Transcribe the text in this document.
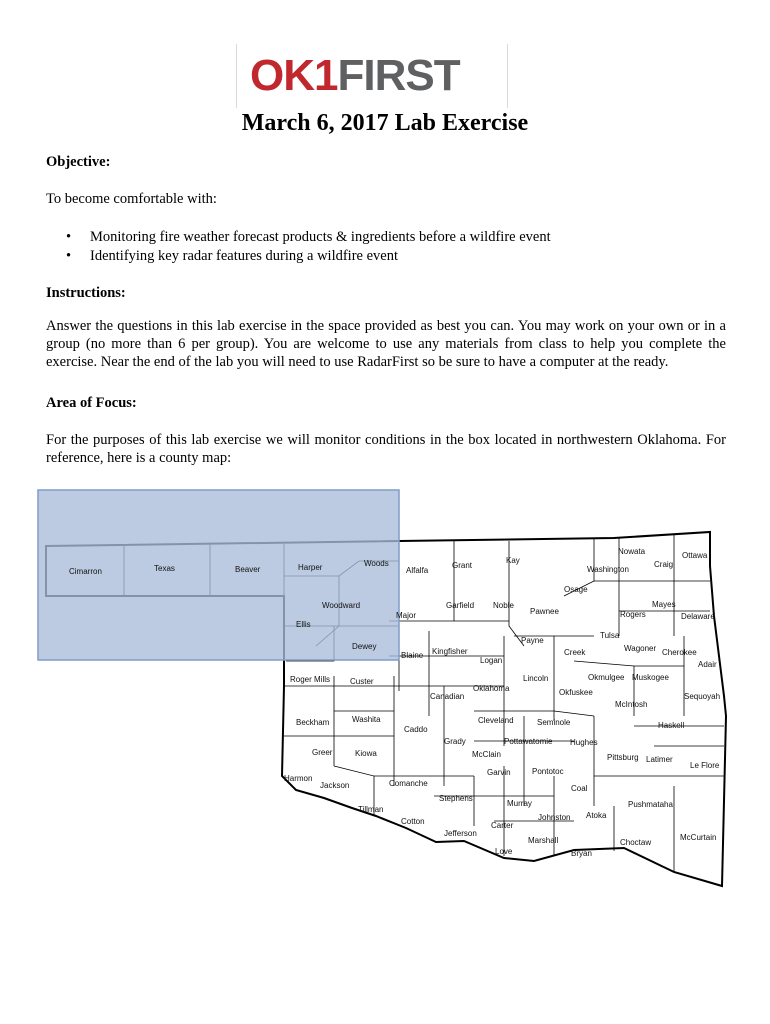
OK 1 FIRST
March 6, 2017 Lab Exercise

Objective:

To become comfortable with:

• Monitoring fire weather forecast products & ingredients before a wildfire event
• Identifying key radar features during a wildfire event

Instructions:

Answer the questions in this lab exercise in the space provided as best you can. You may work on your own or in a group (no more than 6 per group). You are welcome to use any materials from class to help you complete the exercise. Near the end of the lab you will need to use RadarFirst so be sure to have a computer at the ready.

Area of Focus:

For the purposes of this lab exercise we will monitor conditions in the box located in northwestern Oklahoma. For reference, here is a county map:

Cimarron	Texas	Beaver	Harper	Woods
Alfalfa
Grant
Kay
Osage
Nowata
Washington
Ottawa
Craig
Mayes
Delaware
Woodward
Major
Garfield Noble
Pawnee	Rogers
Ellis
Tulsa
Payne
Dewey
Blaine Kingfisher
Logan
Creek	Wagoner Cherokee
Adair
Roger Mills Custer	Lincoln	Okmulgee Muskogee
Canadian
Oklahoma	Okfuskee	Sequoyah
McIntosh
Beckham	Washita
Caddo
Cleveland	Seminole	Haskell
Grady	Pottawatomie Hughes
Greer	Kiowa	McClain	Pittsburg Latimer
Le Flore
Harmon
Jackson	Comanche
Garvin	Pontotoc
Coal
Stephens
Murray	Pushmataha
Tillman
Cotton	Johnston Atoka
Carter
Jefferson
Marshall	Choctaw
McCurtain
Love	Bryan
